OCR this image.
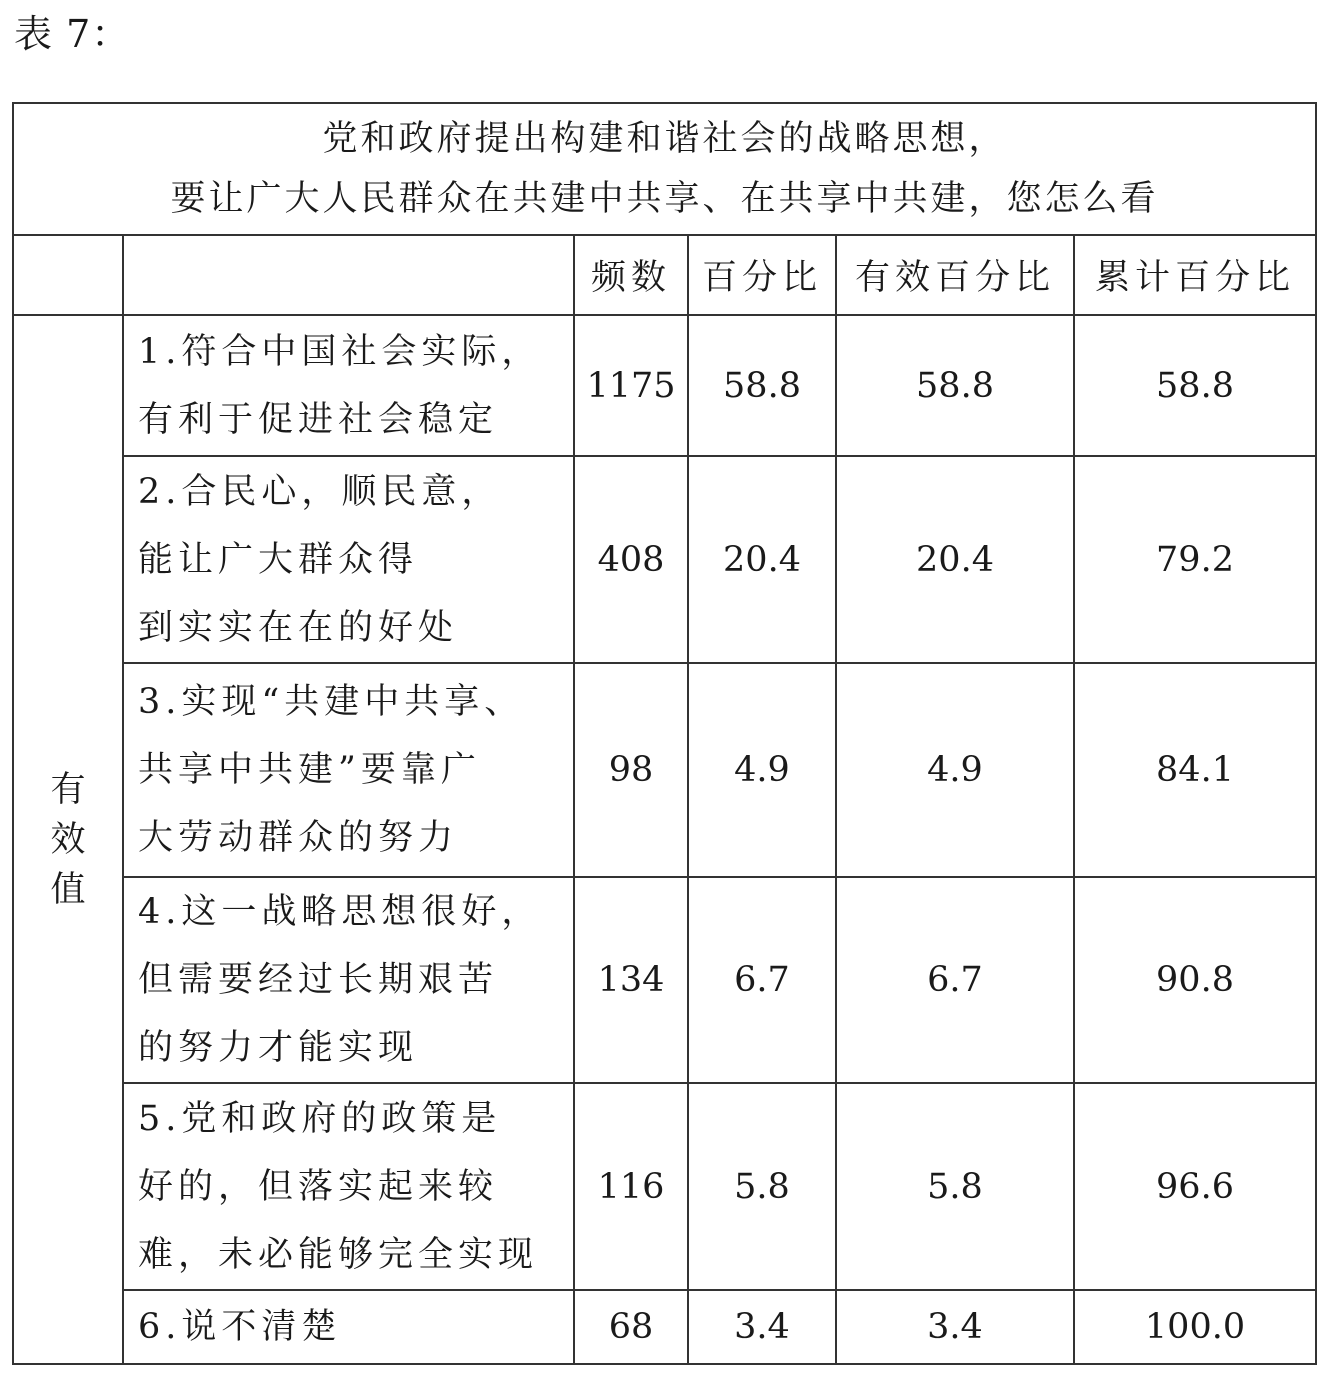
表 7：
党和政府提出构建和谐社会的战略思想，
要让广大人民群众在共建中共享、在共享中共建，您怎么看					

		频数	百分比	有效百分比	累计百分比

有
效
值	1.符合中国社会实际，
有利于促进社会稳定	1175	58.8	58.8	58.8

	2.合民心，顺民意，
能让广大群众得
到实实在在的好处	408	20.4	20.4	79.2

	3.实现“共建中共享、
共享中共建”要靠广
大劳动群众的努力	98	4.9	4.9	84.1

	4.这一战略思想很好，
但需要经过长期艰苦
的努力才能实现	134	6.7	6.7	90.8

	5.党和政府的政策是
好的，但落实起来较
难，未必能够完全实现	116	5.8	5.8	96.6

	6.说不清楚	68	3.4	3.4	100.0
